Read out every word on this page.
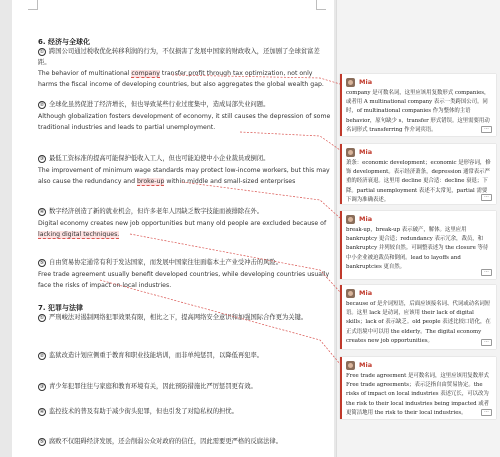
6. 经济与全球化
① 跨国公司通过税收优化转移利润的行为，不仅损害了发展中国家的财政收入，还加剧了全球贫富差距。
The behavior of multinational company transfer profit through tax optimization, not only harms the fiscal income of developing countries, but also aggregates the global wealth gap.
② 全球化虽然促进了经济增长，但也导致某些行业过度集中，造成局部失业问题。
Although globalization fosters development of economy, it still causes the depression of some traditional industries and leads to partial unemployment.
③ 最低工资标准的提高可能保护低收入工人，但也可能迫使中小企业裁员或倒闭。
The improvement of minimum wage standards may protect low-income workers, but this may also cause the redundancy and broke-up within middle and small-sized enterprises
④ 数字经济创造了新的就业机会，但许多老年人因缺乏数字技能而被排除在外。
Digital economy creates new job opportunities but many old people are excluded because of lacking digital techniques.
⑤ 自由贸易协定通常有利于发达国家，而发展中国家往往面临本土产业受冲击的风险。
Free trade agreement usually benefit developed countries, while developing countries usually face the risks of impact on local industries.
7. 犯罪与法律
① 严刑峻法对遏制网络犯罪效果有限，相比之下，提高网络安全意识和加强国际合作更为关键。
② 监狱改造计划应侧重于教育和职业技能培训，而非单纯惩罚，以降低再犯率。
③ 青少年犯罪往往与家庭和教育环境有关，因此预防措施比严厉惩罚更有效。
④ 监控技术的普及有助于减少街头犯罪，但也引发了对隐私权的担忧。
⑤ 腐败不仅阻碍经济发展，还会削弱公众对政府的信任，因此需要更严格的反腐法律。
Mia
company 是可数名词，这里应该用复数形式 companies，或者用 A multinational company 表示一类跨国公司。同时，of multinational companies 作为整体的主语 behavior，原句缺少 s，transfer 形式错误。这里需要用动名词形式 transferring 作介词宾语。	···
Mia
萧条：economic development；economic 是形容词，修饰 development。表示经济萧条，depression 通常表示严重的经济衰退。这里用 decline 更合适：decline 衰退；下降。partial unemployment 表述不太常见，partial 需要下调为准确表述。	···
Mia
break-up，break-up 表示破产，解体。这里应用 bankruptcy 更合适；redundancy 表示冗余，裁员，和 bankruptcy 并列较自然。可调整表述为 the closure 等待中小企业被迫裁员和倒闭。lead to layoffs and bankruptcies 更自然。
···
Mia
because of 是介词短语，后面应该接名词、代词或动名词短语。这里 lack 是动词，应该用 their lack of digital skills；lack of 表示缺乏。old people 表述比较口语化，在正式语境中可以用 the elderly。The digital economy creates new job opportunities。	···
Mia
Free trade agreement 是可数名词，这里应该用复数形式 Free trade agreements；表示泛指自由贸易协定。the risks of impact on local industries 表述冗长，可以改为 the risk to their local industries being impacted 或者更简洁地用 the risk to their local industries。	···
